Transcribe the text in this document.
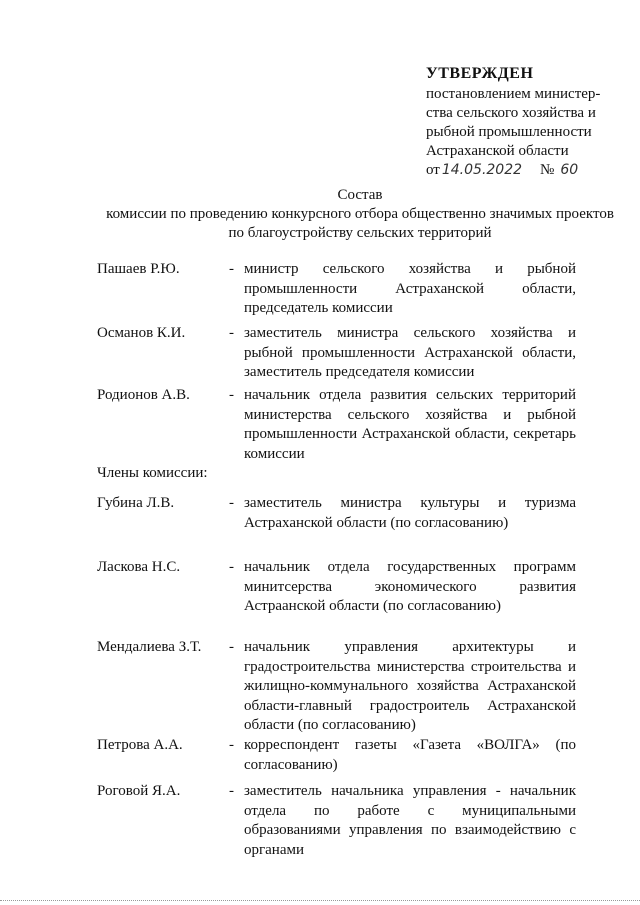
УТВЕРЖДЕН
постановлением министер-
ства сельского хозяйства и
рыбной промышленности
Астраханской области
от 14.05.2022 № 60
Состав
комиссии по проведению конкурсного отбора общественно значимых проектов
по благоустройству сельских территорий
Пашаев Р.Ю.	- министр сельского хозяйства и рыбной промышленности Астраханской области, председатель комиссии
Османов К.И.	- заместитель министра сельского хозяйства и рыбной промышленности Астраханской области, заместитель председателя комиссии
Родионов А.В.	- начальник отдела развития сельских территорий министерства сельского хозяйства и рыбной промышленности Астраханской области, секретарь комиссии
Члены комиссии:
Губина Л.В.	- заместитель министра культуры и туризма Астраханской области (по согласованию)
Ласкова Н.С.	- начальник отдела государственных программ минитсерства экономического развития Астраанской области (по согласованию)
Мендалиева З.Т.	- начальник управления архитектуры и градостроительства министерства строительства и жилищно-коммунального хозяйства Астраханской области-главный градостроитель Астраханской области (по согласованию)
Петрова А.А.	- корреспондент газеты «Газета «ВОЛГА» (по согласованию)
Роговой Я.А.	- заместитель начальника управления - начальник отдела по работе с муниципальными образованиями управления по взаимодействию с органами
